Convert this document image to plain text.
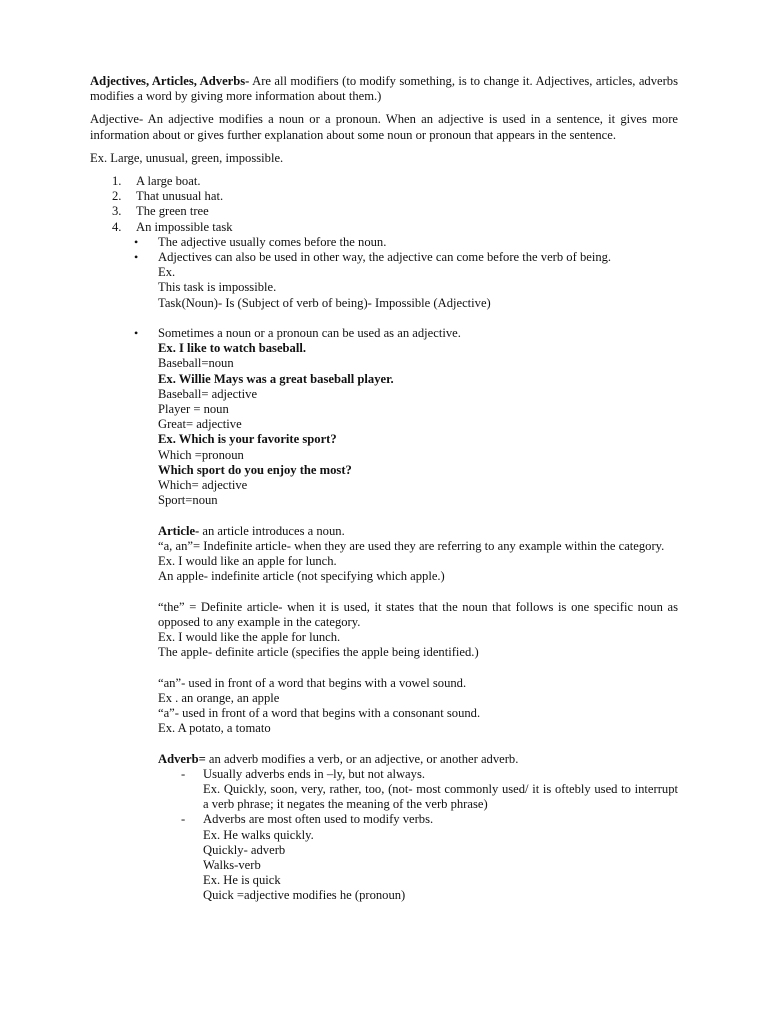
Adjectives, Articles, Adverbs- Are all modifiers (to modify something, is to change it. Adjectives, articles, adverbs modifies a word by giving more information about them.)

Adjective- An adjective modifies a noun or a pronoun. When an adjective is used in a sentence, it gives more information about or gives further explanation about some noun or pronoun that appears in the sentence.

Ex. Large, unusual, green, impossible.

1. A large boat.
2. That unusual hat.
3. The green tree
4. An impossible task
• The adjective usually comes before the noun.
• Adjectives can also be used in other way, the adjective can come before the verb of being.

Ex.

This task is impossible.

Task(Noun)- Is (Subject of verb of being)- Impossible (Adjective)

• Sometimes a noun or a pronoun can be used as an adjective.

Ex. I like to watch baseball.

Baseball=noun

Ex. Willie Mays was a great baseball player.

Baseball= adjective

Player = noun

Great= adjective

Ex. Which is your favorite sport?

Which =pronoun

Which sport do you enjoy the most?

Which= adjective

Sport=noun

Article- an article introduces a noun.

“a, an”= Indefinite article- when they are used they are referring to any example within the category.

Ex. I would like an apple for lunch.

An apple- indefinite article (not specifying which apple.)

“the” = Definite article- when it is used, it states that the noun that follows is one specific noun as opposed to any example in the category.

Ex. I would like the apple for lunch.

The apple- definite article (specifies the apple being identified.)

“an”- used in front of a word that begins with a vowel sound.

Ex . an orange, an apple

“a”- used in front of a word that begins with a consonant sound.

Ex. A potato, a tomato

Adverb= an adverb modifies a verb, or an adjective, or another adverb.

- Usually adverbs ends in –ly, but not always.

Ex. Quickly, soon, very, rather, too, (not- most commonly used/ it is oftebly used to interrupt a verb phrase; it negates the meaning of the verb phrase)

- Adverbs are most often used to modify verbs.

Ex. He walks quickly.

Quickly- adverb

Walks-verb

Ex. He is quick

Quick =adjective modifies he (pronoun)
